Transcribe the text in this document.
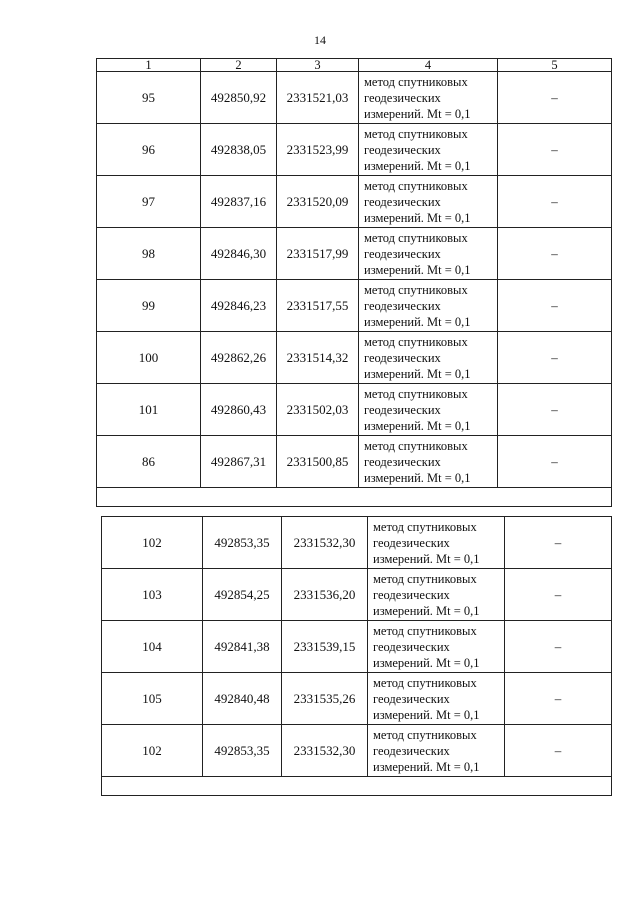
14
1	2	3	4	5
95	492850,92	2331521,03	метод спутниковых
геодезических
измерений. Mt = 0,1	–
96	492838,05	2331523,99	метод спутниковых
геодезических
измерений. Mt = 0,1	–
97	492837,16	2331520,09	метод спутниковых
геодезических
измерений. Mt = 0,1	–
98	492846,30	2331517,99	метод спутниковых
геодезических
измерений. Mt = 0,1	–
99	492846,23	2331517,55	метод спутниковых
геодезических
измерений. Mt = 0,1	–
100	492862,26	2331514,32	метод спутниковых
геодезических
измерений. Mt = 0,1	–
101	492860,43	2331502,03	метод спутниковых
геодезических
измерений. Mt = 0,1	–
86	492867,31	2331500,85	метод спутниковых
геодезических
измерений. Mt = 0,1	–

102	492853,35	2331532,30	метод спутниковых
геодезических
измерений. Mt = 0,1	–
103	492854,25	2331536,20	метод спутниковых
геодезических
измерений. Mt = 0,1	–
104	492841,38	2331539,15	метод спутниковых
геодезических
измерений. Mt = 0,1	–
105	492840,48	2331535,26	метод спутниковых
геодезических
измерений. Mt = 0,1	–
102	492853,35	2331532,30	метод спутниковых
геодезических
измерений. Mt = 0,1	–
